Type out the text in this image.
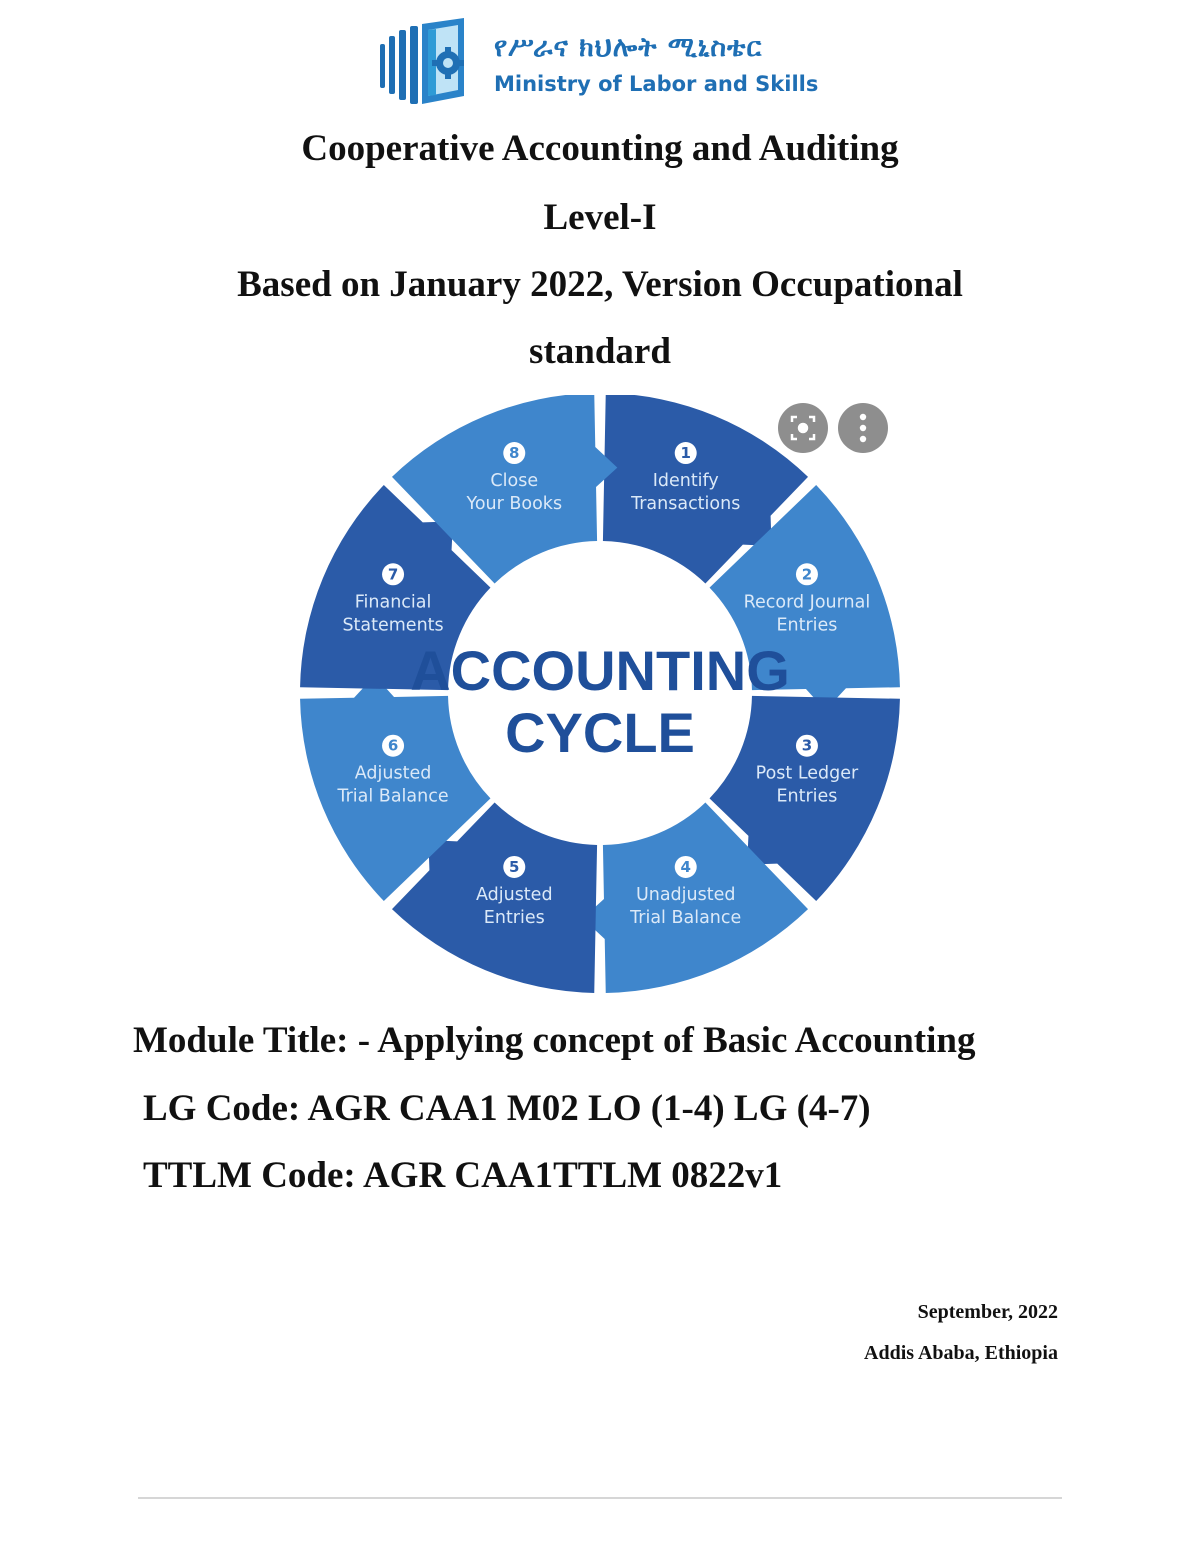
የሥራና ክህሎት ሚኒስቴር
Ministry of Labor and Skills
Cooperative Accounting and Auditing
Level-I
Based on January 2022, Version Occupational
standard
ACCOUNTING
CYCLE
1
Identify
Transactions
2
Record Journal
Entries
3
Post Ledger
Entries
4
Unadjusted
Trial Balance
5
Adjusted
Entries
6
Adjusted
Trial Balance
7
Financial
Statements
8
Close
Your Books
Module Title: - Applying concept of Basic Accounting
LG Code: AGR CAA1 M02 LO (1-4) LG (4-7)
TTLM Code: AGR CAA1TTLM 0822v1
September, 2022
Addis Ababa, Ethiopia
